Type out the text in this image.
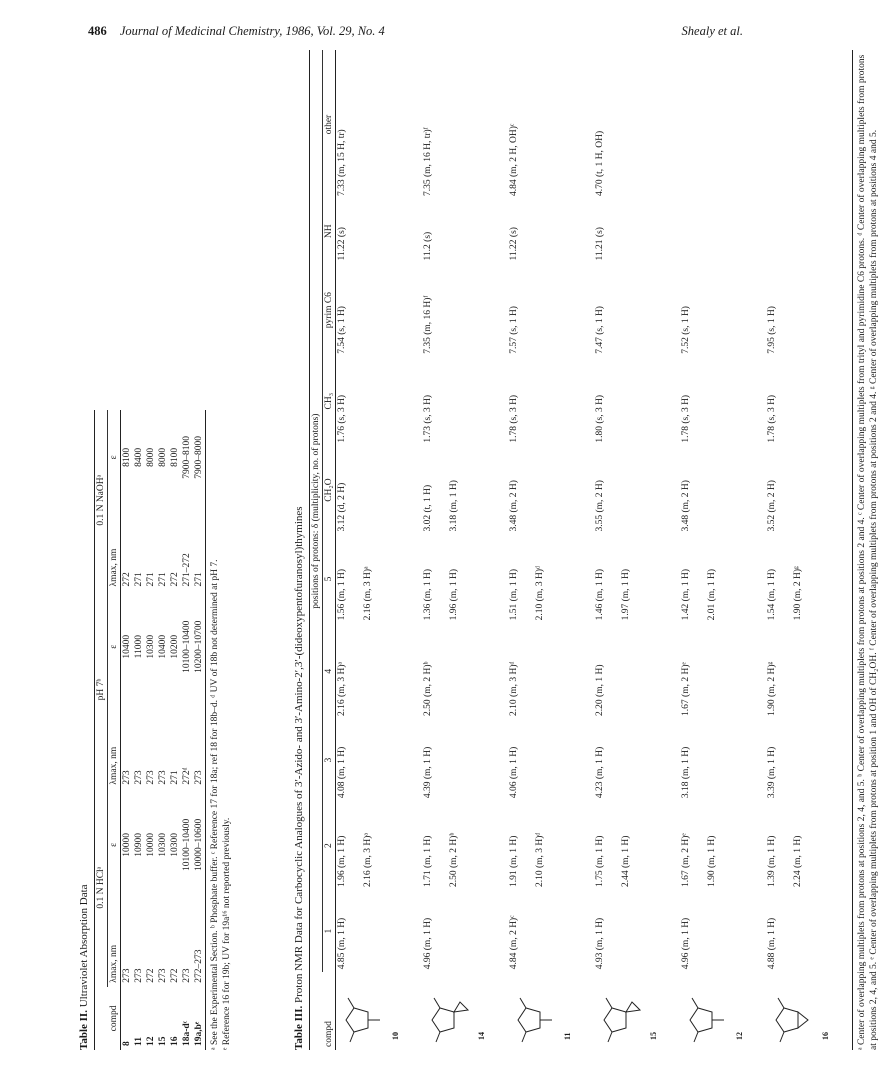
486 Journal of Medicinal Chemistry, 1986, Vol. 29, No. 4	Shealy et al.
Table II. Ultraviolet Absorption Data
compd	0.1 N HClᵃ		pH 7ᵇ		0.1 N NaOHᵃ	
	λmax, nm	ε	λmax, nm	ε	λmax, nm	ε
8	273	10000	273	10400	272	8100
11	273	10900	273	11000	271	8400
12	272	10000	273	10300	271	8000
15	273	10300	273	10400	271	8000
16	272	10300	271	10200	272	8100
18a-dᶜ	273	10100–10400	272ᵈ	10100–10400	271–272	7900–8100
19a,bᵉ	272–273	10000–10600	273	10200–10700	271	7900–8000
ᵃ See the Experimental Section. ᵇ Phosphate buffer. ᶜ Reference 17 for 18a; ref 18 for 18b–d. ᵈ UV of 18b not determined at pH 7. ᵉ Reference 16 for 19b; UV for 19a¹⁶ not reported previously.	Table III. Proton NMR Data for Carbocyclic Analogues of 3′-Azido- and 3′-Amino-2′,3′-(dideoxypentofuranosyl)thymines
	positions of protons: δ (multiplicity, no. of protons)									
compd	1	2	3	4	5	CH₂O	CH₃	pyrim C6	NH	other

10	4.85 (m, 1 H)	1.96 (m, 1 H) 2.16 (m, 3 H)ᵃ	4.08 (m, 1 H)	2.16 (m, 3 H)ᵃ	1.56 (m, 1 H) 2.16 (m, 3 H)ᵃ	3.12 (d, 2 H)	1.76 (s, 3 H)	7.54 (s, 1 H)	11.22 (s)	7.33 (m, 15 H, tr)

14	4.96 (m, 1 H)	1.71 (m, 1 H) 2.50 (m, 2 H)ᵇ	4.39 (m, 1 H)	2.50 (m, 2 H)ᵇ	1.36 (m, 1 H) 1.96 (m, 1 H)	3.02 (t, 1 H) 3.18 (m, 1 H)	1.73 (s, 3 H)	7.35 (m, 16 H)ᶠ	11.2 (s)	7.35 (m, 16 H, tr)ᶠ

11	4.84 (m, 2 H)ᶜ	1.91 (m, 1 H) 2.10 (m, 3 H)ᵈ	4.06 (m, 1 H)	2.10 (m, 3 H)ᵈ	1.51 (m, 1 H) 2.10 (m, 3 H)ᵈ	3.48 (m, 2 H)	1.78 (s, 3 H)	7.57 (s, 1 H)	11.22 (s)	4.84 (m, 2 H, OH)ᶜ

15	4.93 (m, 1 H)	1.75 (m, 1 H) 2.44 (m, 1 H)	4.23 (m, 1 H)	2.20 (m, 1 H)	1.46 (m, 1 H) 1.97 (m, 1 H)	3.55 (m, 2 H)	1.80 (s, 3 H)	7.47 (s, 1 H)	11.21 (s)	4.70 (t, 1 H, OH)

12	4.96 (m, 1 H)	1.67 (m, 2 H)ᵉ 1.90 (m, 1 H)	3.18 (m, 1 H)	1.67 (m, 2 H)ᵉ	1.42 (m, 1 H) 2.01 (m, 1 H)	3.48 (m, 2 H)	1.78 (s, 3 H)	7.52 (s, 1 H)		

16	4.88 (m, 1 H)	1.39 (m, 1 H) 2.24 (m, 1 H)	3.39 (m, 1 H)	1.90 (m, 2 H)ᵍ	1.54 (m, 1 H) 1.90 (m, 2 H)ᵍ	3.52 (m, 2 H)	1.78 (s, 3 H)	7.95 (s, 1 H)			ᵃ Center of overlapping multiplets from protons at positions 2, 4, and 5. ᵇ Center of overlapping multiplets from protons at positions 2 and 4. ᶜ Center of overlapping multiplets from trityl and pyrimidine C6 protons. ᵈ Center of overlapping multiplets from protons at positions 2, 4, and 5. ᵉ Center of overlapping multiplets from protons at position 1 and OH of CH₂OH. ᶠ Center of overlapping multiplets from protons at positions 2 and 4. ᵍ Center of overlapping multiplets from protons at positions 4 and 5.
